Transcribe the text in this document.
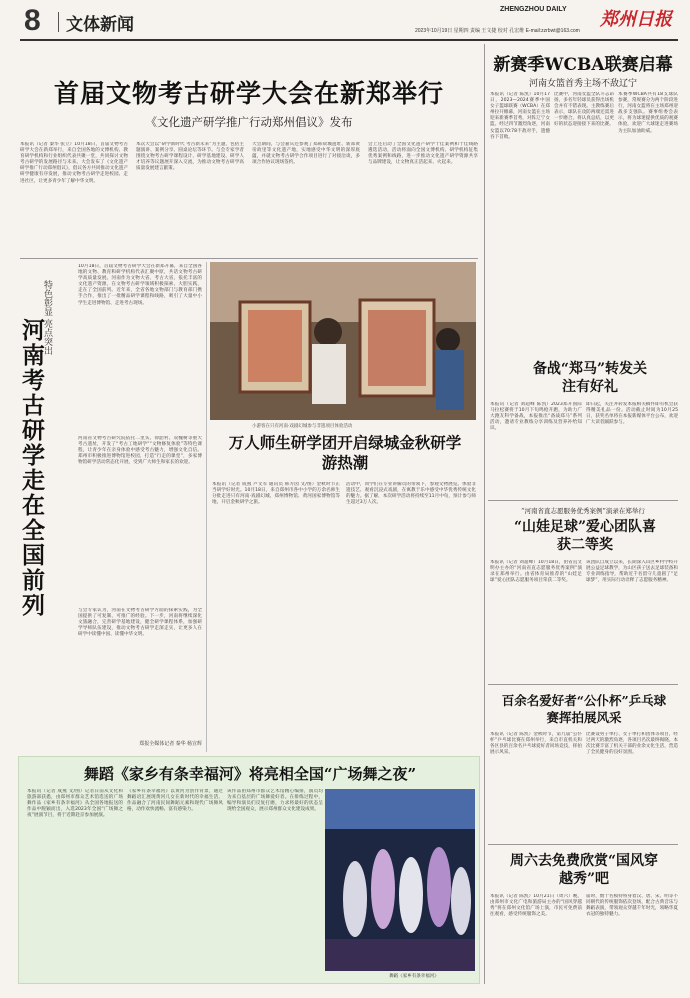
8 文体新闻
ZHENGZHOU DAILY 郑州日报
2023年10月19日 星期四 责编 王文捷 校对 孔宏维 E-mail:zzrbwt@163.com
首届文物考古研学大会在新郑举行
《文化遗产研学推广行动郑州倡议》发布
本报讯（记者 秦华 张立）10月18日，首届文物考古研学大会在新郑举行，来自全国各地的文博机构、教育研学机构和行业组织代表共聚一堂，共同探讨文物考古研学的发展路径与未来。大会发布了《文化遗产研学推广行动郑州倡议》，倡议各方共同推动文化遗产研学健康有序发展，推动文物考古研学走进校园、走进社区，让更多青少年了解中华文明。
本次大会以“研学新时代 考古新未来”为主题，包括主题演讲、案例分享、圆桌论坛等环节。与会专家学者围绕文物考古研学课程设计、研学基地建设、研学人才培养等议题展开深入交流，为推动文物考古研学高质量发展建言献策。
大会期间，与会嘉宾还参观了郑韩故城遗址、新郑黄帝故里等文化遗产地，实地感受中华文明的深厚底蕴，并就文物考古研学合作项目进行了对接洽谈，多项合作协议现场签约。
会上还启动了全国文化遗产研学十佳案例和十佳线路遴选活动，活动将面向全国文博机构、研学机构征集优秀案例和线路，进一步推动文化遗产研学资源共享与品牌建设，让文物真正活起来、火起来。
特色彰显 亮点突出
河南考古研学走在全国前列
10月18日，首届文物考古研学大会在新郑开幕，来自全国各地的文物、教育和研学机构代表汇聚中原，共话文物考古研学高质量发展。河南作为文物大省、考古大省，依托丰富的文化遗产资源，在文物考古研学领域积极探索、大胆实践，走在了全国前列。近年来，全省各地文物部门与教育部门携手合作，推出了一批精品研学课程和线路，吸引了大量中小学生走进博物馆、走进考古现场。
河南省文物考古研究院依托二里头、仰韶村、双槐树等重大考古遗址，开发了“考古工地研学”“文物修复体验”等特色课程，让青少年在亲身体验中感受考古魅力，增强文化自信。郑州市积极推进博物馆进校园，打造“行走的课堂”，多家博物馆研学活动常态化开展，受到广大师生和家长的欢迎。
与会专家认为，河南在文物考古研学方面的探索实践，为全国提供了可复制、可推广的经验。下一步，河南将继续深化文旅融合，完善研学基地建设，健全研学课程体系，加强研学导师队伍建设，推动文物考古研学走深走实，让更多人在研学中读懂中国、读懂中华文明。
郑报全媒体记者 秦华 杨宣辉
小游客在只有河南·戏剧幻城参与非遗项目体验活动
万人师生研学团开启绿城金秋研学游热潮
本报讯（记者 成燕 卢文军 通讯员 韩方园 文/图）金秋时节正当研学好时光。10月18日，来自郑州市各中小学的万余名师生分批走进只有河南·戏剧幻城、郑州博物馆、黄河国家博物馆等地，开启金秋研学之旅。
活动中，同学们在专业讲解员的带领下，参观文物展览、体验非遗技艺、观看沉浸式戏剧，在寓教于乐中感受中华优秀传统文化的魅力。据了解，本次研学活动将持续至11月中旬，预计参与师生超过3万人次。
舞蹈《家乡有条幸福河》将亮相全国“广场舞之夜”
本报讯（记者 成燕 文/图）记者日前从文化和旅游部获悉，由郑州市群众艺术馆选送的广场舞作品《家乡有条幸福河》从全国各地报送的作品中脱颖而出，入选2023年全国“广场舞之夜”展演节目，将于近期赴京参加展演。
《家乡有条幸福河》以黄河为创作背景，通过舞蹈语汇展现黄河儿女在新时代的幸福生活，作品融合了河南民间舞蹈元素和现代广场舞风格，动作欢快流畅、富有感染力。
该作品由郑州市群众艺术馆精心编排，演员均为来自基层的广场舞爱好者。在排练过程中，编导和演员们反复打磨，力求将最好的状态呈现给全国观众，展示郑州群众文化建设成果。
舞蹈《家乡有条幸福河》
新赛季WCBA联赛启幕
河南女篮首秀主场不敌辽宁
本报讯（记者 陈凯）10月17日，2023—2024赛季中国女子篮球联赛（WCBA）在郑州拉开帷幕，河南女篮在主场迎来新赛季首秀，对阵辽宁女篮。经过四节激烈角逐，河南女篮以70∶78不敌对手，遗憾吞下首败。
比赛中，河南女篮全队斗志昂扬，多名年轻球员获得出场机会并有不错表现。主教练赛后表示，球队在攻防两端还需进一步磨合，将认真总结，以更好的状态迎接接下来的比赛。
本赛季WCBA共有18支球队参赛，常规赛分为两个阶段进行，河南女篮将在主场郑州迎战多支强队。赛事组委会表示，将为球迷提供优质的观赛体验，欢迎广大球迷走进赛场为主队加油助威。
备战“郑马”转发关注有好礼
本报讯（记者 刘超峰 陈凯）2023郑开国际马拉松赛将于10月下旬鸣枪开跑，为助力广大跑友科学备战，本报推出“备战郑马”系列活动，邀请专业教练分享训练及营养补给知识。
即日起，关注并转发本报相关稿件即有机会获得精美礼品一份。活动截止时间为10月25日，获奖名单将在本报新媒体平台公布，欢迎广大读者踊跃参与。
“河南省直志愿服务优秀案例”演录在郑举行
“山娃足球”爱心团队喜获二等奖
本报讯（记者 刘超峰）10月18日，由省直文明办主办的“河南省直志愿服务优秀案例”演录在郑州举行。由省体育局推荐的“山娃足球”爱心团队志愿服务项目荣获二等奖。
该团队自成立以来，长期深入山区乡村学校开展公益足球教学，为山区孩子送去足球装备和专业训练指导，帮助近千名留守儿童圆了“足球梦”，用实际行动诠释了志愿服务精神。
百余名爱好者“公仆杯”乒乓球赛挥拍展风采
本报讯（记者 陈凯）金秋时节，第九届“公仆杯”乒乓球比赛在郑州举行，来自市直机关和各区县的百余名乒乓球爱好者同场竞技，挥拍展示风采。
比赛设男子单打、女子单打和团体等项目，经过两天的激烈角逐，各项目名次最终揭晓。本次比赛丰富了机关干部的业余文化生活，营造了全民健身的良好氛围。
周六去免费欣赏“国风穿越秀”吧
本报讯（记者 陈凯）10月21日（周六）晚，由郑州市文化广电和旅游局主办的“国风穿越秀”将在郑州文化馆广场上演，市民可免费前往观看，感受传统服饰之美。
届时，数十名模特将身着汉、唐、宋、明等不同朝代的传统服饰依次登场，配合古典音乐与舞蹈表演，带领观众穿越千年时光，领略华夏衣冠的独特魅力。
